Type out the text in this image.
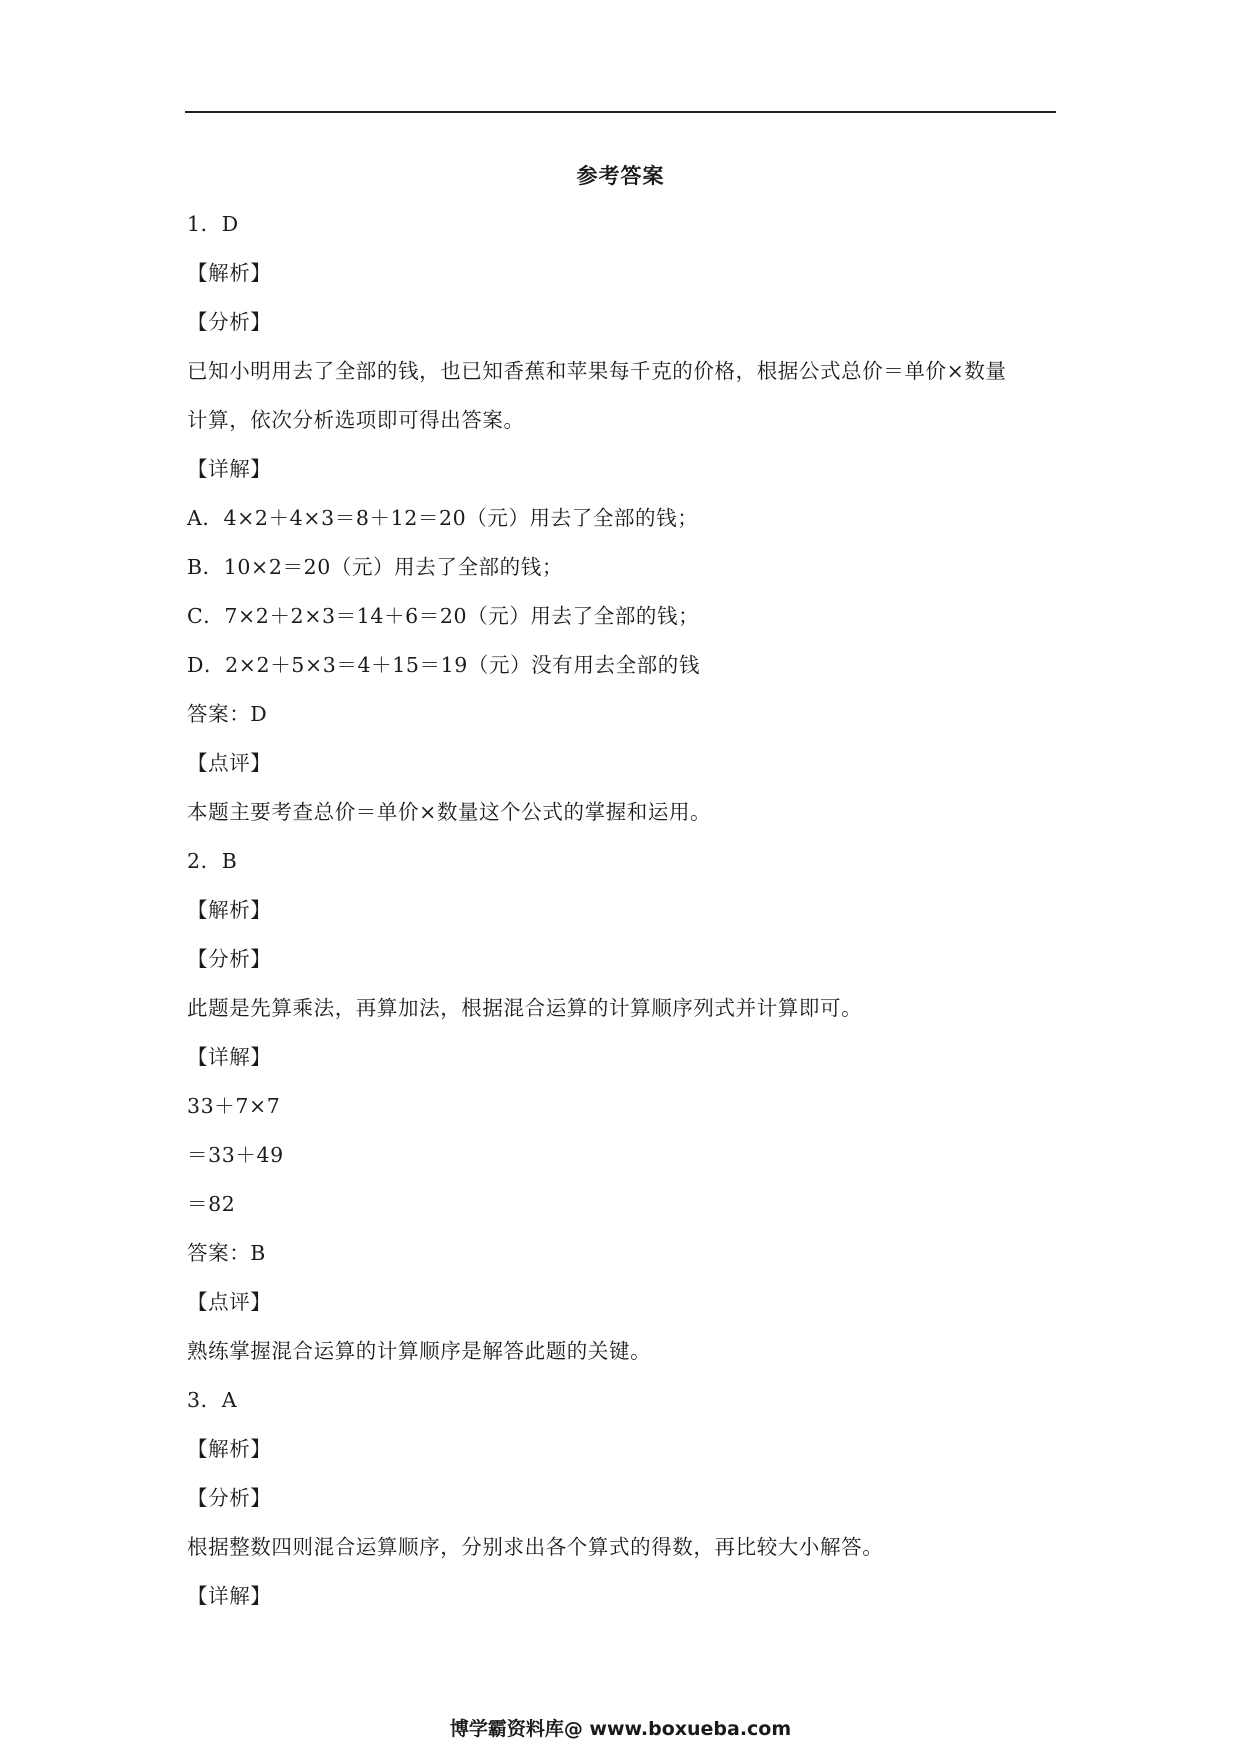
参考答案
1．D
【解析】
【分析】
已知小明用去了全部的钱，也已知香蕉和苹果每千克的价格，根据公式总价＝单价×数量
计算，依次分析选项即可得出答案。
【详解】
A．4×2＋4×3＝8＋12＝20（元）用去了全部的钱；
B．10×2＝20（元）用去了全部的钱；
C．7×2＋2×3＝14＋6＝20（元）用去了全部的钱；
D．2×2＋5×3＝4＋15＝19（元）没有用去全部的钱
答案：D
【点评】
本题主要考查总价＝单价×数量这个公式的掌握和运用。
2．B
【解析】
【分析】
此题是先算乘法，再算加法，根据混合运算的计算顺序列式并计算即可。
【详解】
33＋7×7
＝33＋49
＝82
答案：B
【点评】
熟练掌握混合运算的计算顺序是解答此题的关键。
3．A
【解析】
【分析】
根据整数四则混合运算顺序，分别求出各个算式的得数，再比较大小解答。
【详解】
博学霸资料库@ www.boxueba.com
